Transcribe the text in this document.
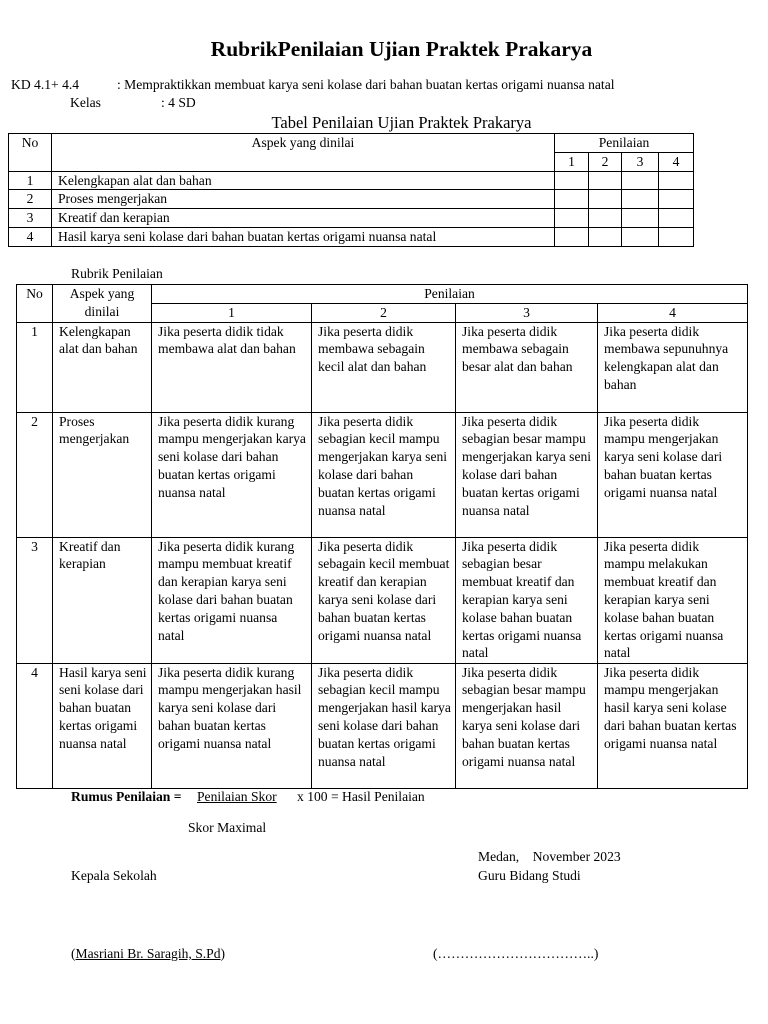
RubrikPenilaian Ujian Praktek Prakarya
KD 4.1+ 4.4	: Mempraktikkan membuat karya seni kolase dari bahan buatan kertas origami nuansa natal
Kelas	: 4 SD
Tabel Penilaian Ujian Praktek Prakarya
No	Aspek yang dinilai	Penilaian			
		1	2	3	4
1	Kelengkapan alat dan bahan				
2	Proses mengerjakan				
3	Kreatif dan kerapian				
4	Hasil karya seni kolase dari bahan buatan kertas origami nuansa natal				
Rubrik Penilaian
No	Aspek yang dinilai	Penilaian			
		1	2	3	4
1	Kelengkapan alat dan bahan	Jika peserta didik tidak membawa alat dan bahan	Jika peserta didik membawa sebagain kecil alat dan bahan	Jika peserta didik membawa sebagain besar alat dan bahan	Jika peserta didik membawa sepunuhnya kelengkapan alat dan bahan
2	Proses mengerjakan	Jika peserta didik kurang mampu mengerjakan karya seni kolase dari bahan buatan kertas origami nuansa natal	Jika peserta didik sebagian kecil mampu mengerjakan karya seni kolase dari bahan buatan kertas origami nuansa natal	Jika peserta didik sebagian besar mampu mengerjakan karya seni kolase dari bahan buatan kertas origami nuansa natal	Jika peserta didik mampu mengerjakan karya seni kolase dari bahan buatan kertas origami nuansa natal
3	Kreatif dan kerapian	Jika peserta didik kurang mampu membuat kreatif dan kerapian karya seni kolase dari bahan buatan kertas origami nuansa natal	Jika peserta didik sebagain kecil membuat kreatif dan kerapian karya seni kolase dari bahan buatan kertas origami nuansa natal	Jika peserta didik sebagian besar membuat kreatif dan kerapian karya seni kolase bahan buatan kertas origami nuansa natal	Jika peserta didik mampu melakukan membuat kreatif dan kerapian karya seni kolase bahan buatan kertas origami nuansa natal
4	Hasil karya seni seni kolase dari bahan buatan kertas origami nuansa natal	Jika peserta didik kurang mampu mengerjakan hasil karya seni kolase dari bahan buatan kertas origami nuansa natal	Jika peserta didik sebagian kecil mampu mengerjakan hasil karya seni kolase dari bahan buatan kertas origami nuansa natal	Jika peserta didik sebagian besar mampu mengerjakan hasil karya seni kolase dari bahan buatan kertas origami nuansa natal	Jika peserta didik mampu mengerjakan hasil karya seni kolase dari bahan buatan kertas origami nuansa natal
Rumus Penilaian = Penilaian Skor x 100 = Hasil Penilaian
Skor Maximal
Medan,    November 2023
Kepala Sekolah	Guru Bidang Studi
(Masriani Br. Saragih, S.Pd)	(……………………………..)
